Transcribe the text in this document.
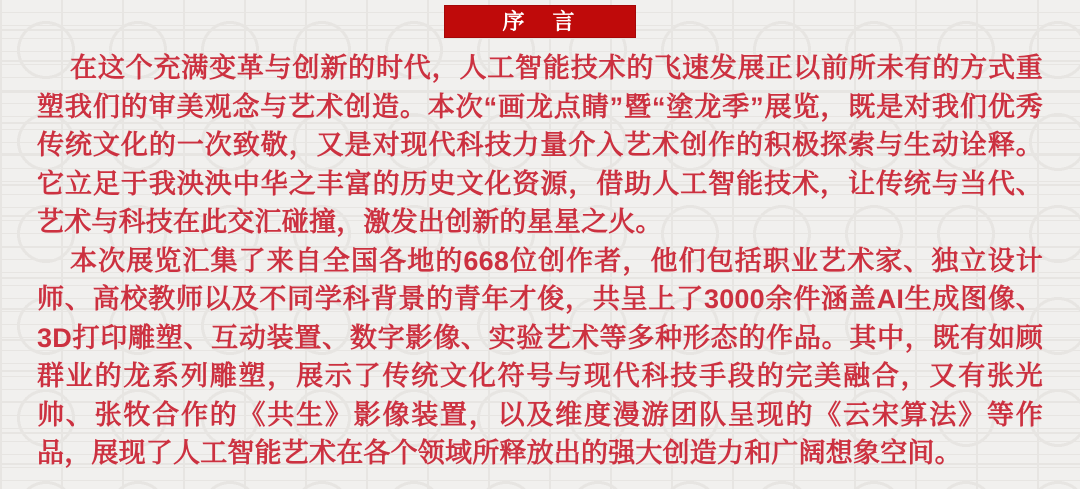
序　言

在这个充满变革与创新的时代，人工智能技术的飞速发展正以前所未有的方式重塑我们的审美观念与艺术创造。本次“画龙点睛”暨“塗龙季”展览，既是对我们优秀传统文化的一次致敬，又是对现代科技力量介入艺术创作的积极探索与生动诠释。它立足于我泱泱中华之丰富的历史文化资源，借助人工智能技术，让传统与当代、艺术与科技在此交汇碰撞，激发出创新的星星之火。

本次展览汇集了来自全国各地的668位创作者，他们包括职业艺术家、独立设计师、高校教师以及不同学科背景的青年才俊，共呈上了3000余件涵盖AI生成图像、3D打印雕塑、互动装置、数字影像、实验艺术等多种形态的作品。其中，既有如顾群业的龙系列雕塑，展示了传统文化符号与现代科技手段的完美融合，又有张光帅、张牧合作的《共生》影像装置，以及维度漫游团队呈现的《云宋算法》等作品，展现了人工智能艺术在各个领域所释放出的强大创造力和广阔想象空间。
